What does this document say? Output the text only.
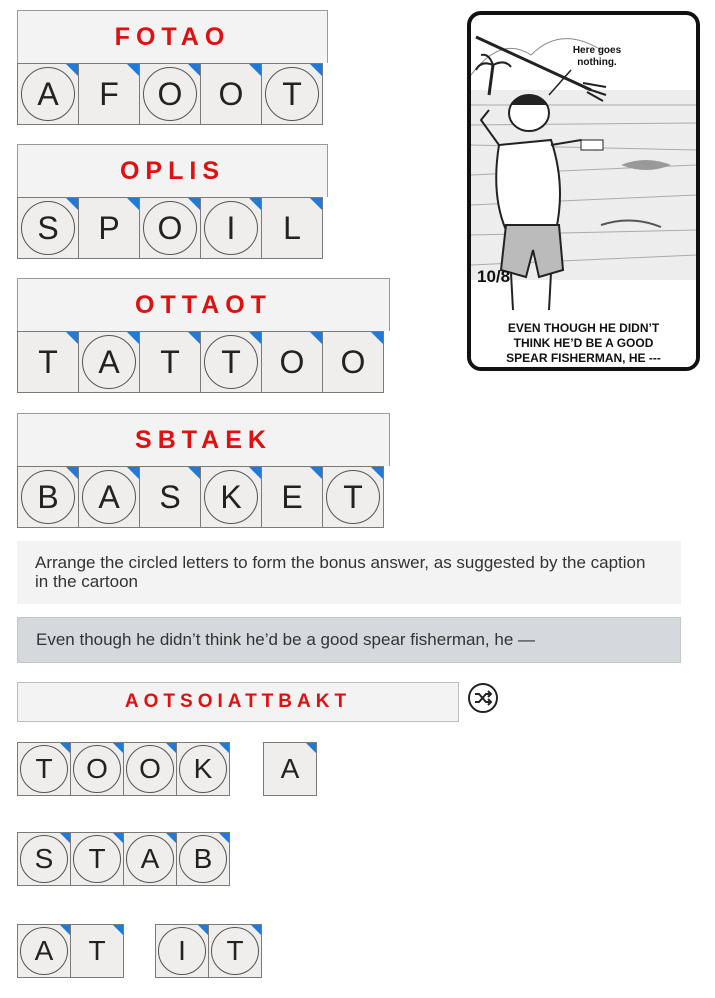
FOTAO
A F O O T
OPLIS
S P O I L
OTTAOT
T A T T O O
SBTAEK
B A S K E T
Here goes nothing.
10/8
EVEN THOUGH HE DIDN’T
THINK HE’D BE A GOOD
SPEAR FISHERMAN, HE ---
Arrange the circled letters to form the bonus answer, as suggested by the caption in the cartoon
Even though he didn’t think he’d be a good spear fisherman, he —
AOTSOIATTBAKT
T O O K A
S T A B
A T	I T
